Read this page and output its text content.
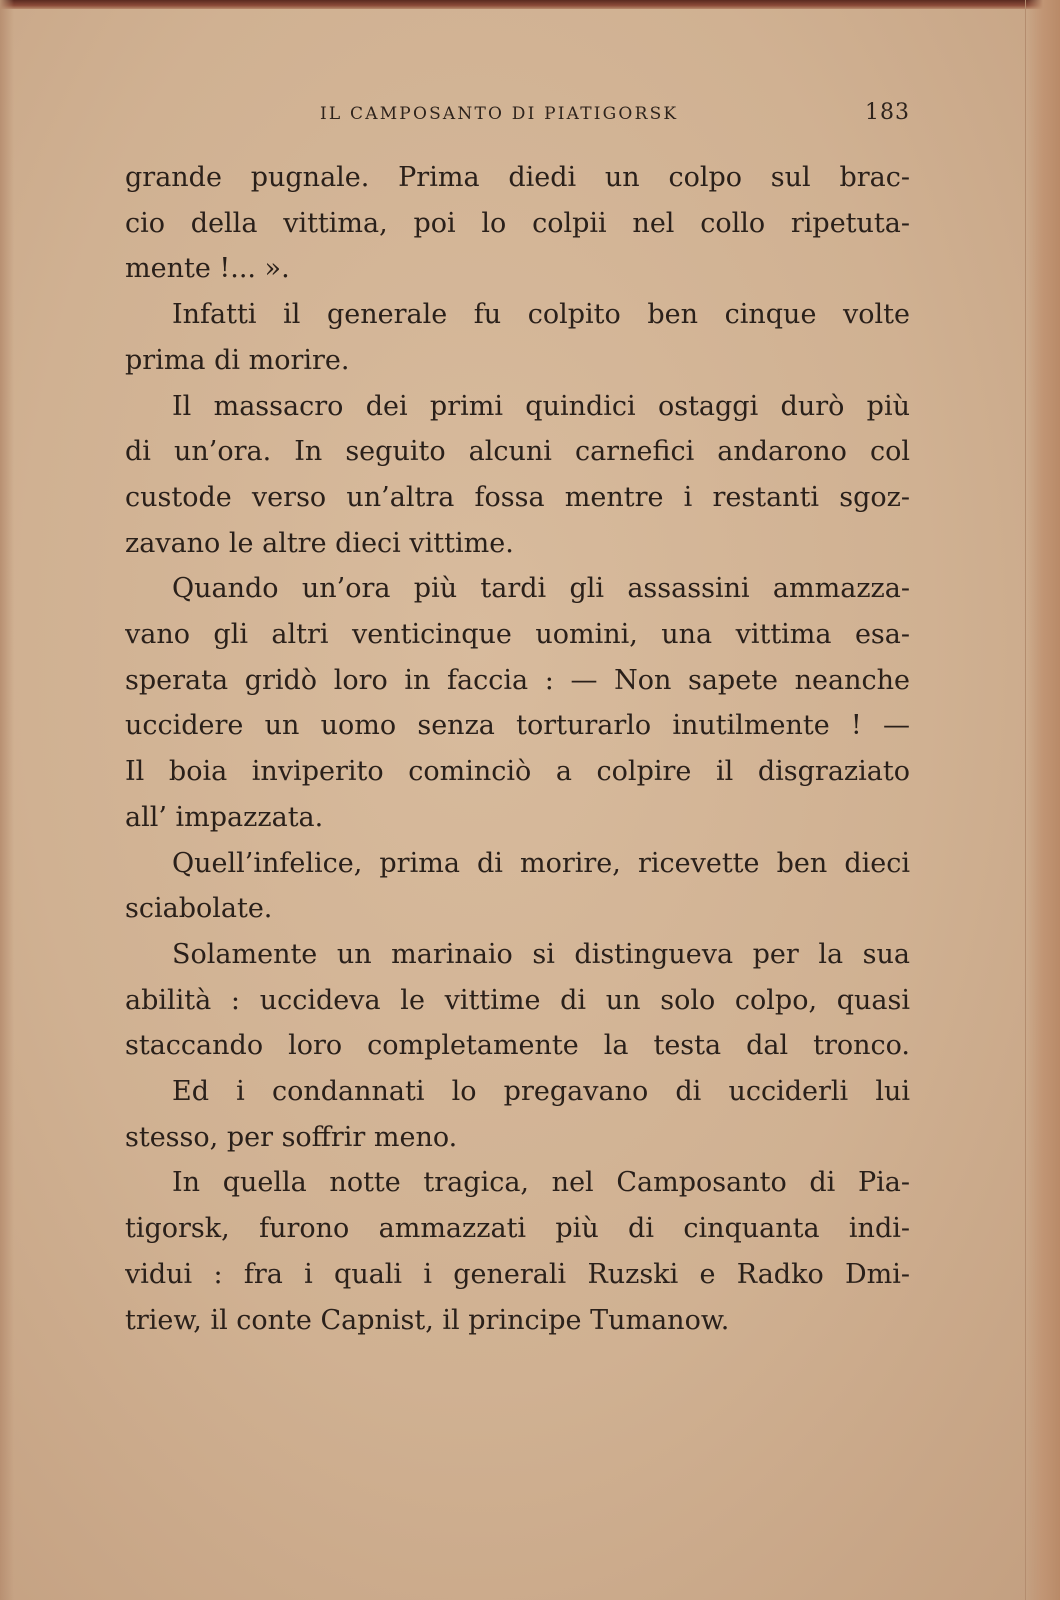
IL CAMPOSANTO DI PIATIGORSK	183
grande pugnale. Prima diedi un colpo sul brac-
cio della vittima, poi lo colpii nel collo ripetuta-
mente !... ».
Infatti il generale fu colpito ben cinque volte
prima di morire.
Il massacro dei primi quindici ostaggi durò più
di un’ora. In seguito alcuni carnefici andarono col
custode verso un’altra fossa mentre i restanti sgoz-
zavano le altre dieci vittime.
Quando un’ora più tardi gli assassini ammazza-
vano gli altri venticinque uomini, una vittima esa-
sperata gridò loro in faccia : — Non sapete neanche
uccidere un uomo senza torturarlo inutilmente ! —
Il boia inviperito cominciò a colpire il disgraziato
all’ impazzata.
Quell’infelice, prima di morire, ricevette ben dieci
sciabolate.
Solamente un marinaio si distingueva per la sua
abilità : uccideva le vittime di un solo colpo, quasi
staccando loro completamente la testa dal tronco.
Ed i condannati lo pregavano di ucciderli lui
stesso, per soffrir meno.
In quella notte tragica, nel Camposanto di Pia-
tigorsk, furono ammazzati più di cinquanta indi-
vidui : fra i quali i generali Ruzski e Radko Dmi-
triew, il conte Capnist, il principe Tumanow.
